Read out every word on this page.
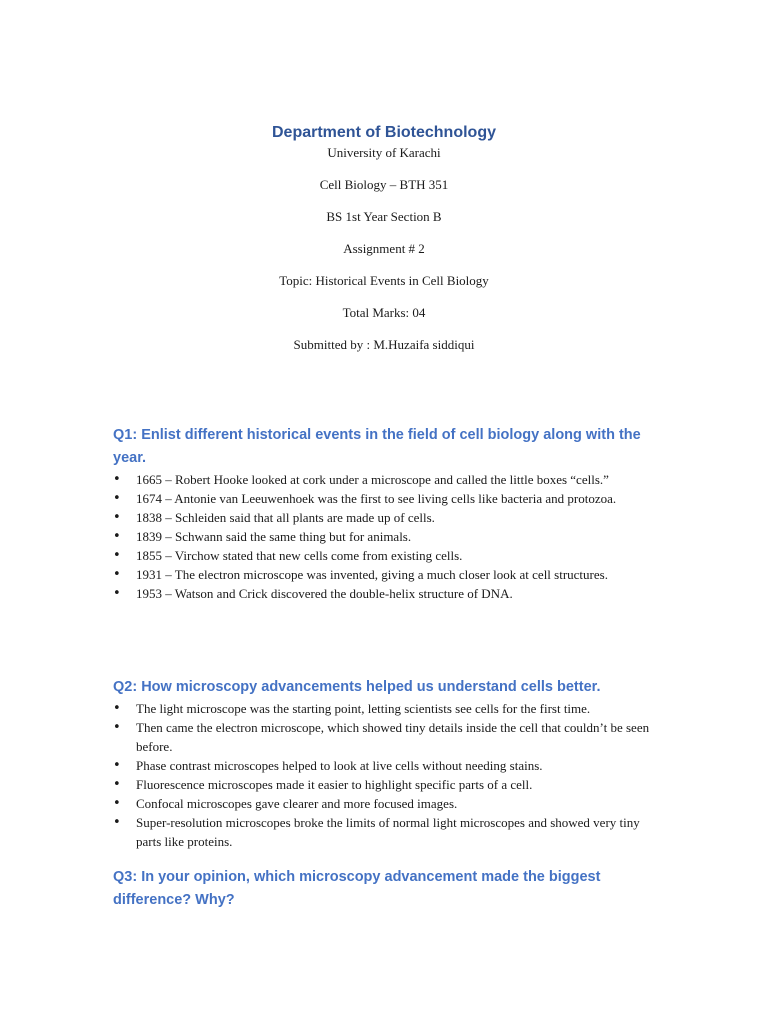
Department of Biotechnology

University of Karachi

Cell Biology – BTH 351

BS 1st Year Section B

Assignment # 2

Topic: Historical Events in Cell Biology

Total Marks: 04

Submitted by : M.Huzaifa siddiqui

Q1: Enlist different historical events in the field of cell biology along with the year.

• 1665 – Robert Hooke looked at cork under a microscope and called the little boxes “cells.”
• 1674 – Antonie van Leeuwenhoek was the first to see living cells like bacteria and protozoa.
• 1838 – Schleiden said that all plants are made up of cells.
• 1839 – Schwann said the same thing but for animals.
• 1855 – Virchow stated that new cells come from existing cells.
• 1931 – The electron microscope was invented, giving a much closer look at cell structures.
• 1953 – Watson and Crick discovered the double-helix structure of DNA.

Q2: How microscopy advancements helped us understand cells better.

• The light microscope was the starting point, letting scientists see cells for the first time.
• Then came the electron microscope, which showed tiny details inside the cell that couldn’t be seen before.
• Phase contrast microscopes helped to look at live cells without needing stains.
• Fluorescence microscopes made it easier to highlight specific parts of a cell.
• Confocal microscopes gave clearer and more focused images.
• Super-resolution microscopes broke the limits of normal light microscopes and showed very tiny parts like proteins.

Q3: In your opinion, which microscopy advancement made the biggest difference? Why?
